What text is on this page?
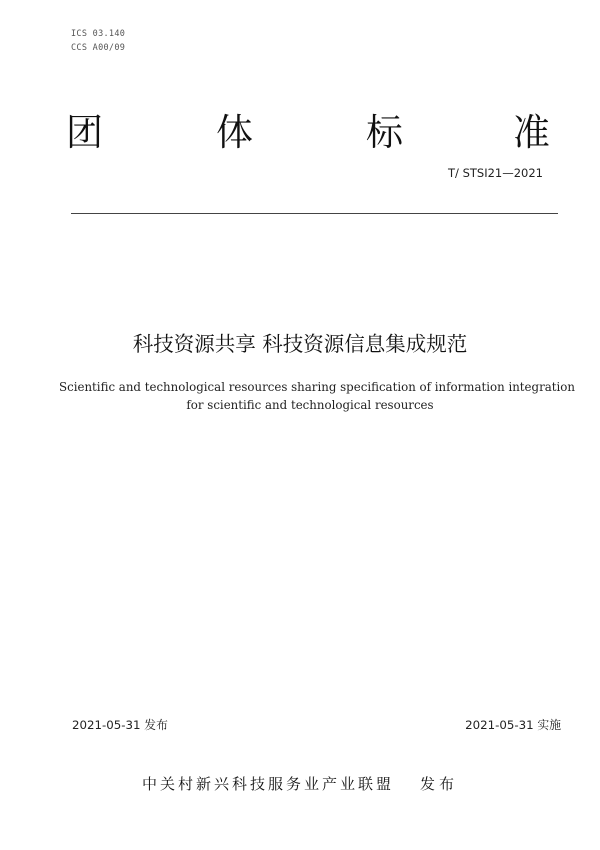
ICS 03.140
CCS A00/09
团	体	标	准
T/ STSI21—2021
科技资源共享 科技资源信息集成规范
Scientific and technological resources sharing specification of information integration
for scientific and technological resources
2021-05-31 发布	2021-05-31 实施
中关村新兴科技服务业产业联盟 发布
